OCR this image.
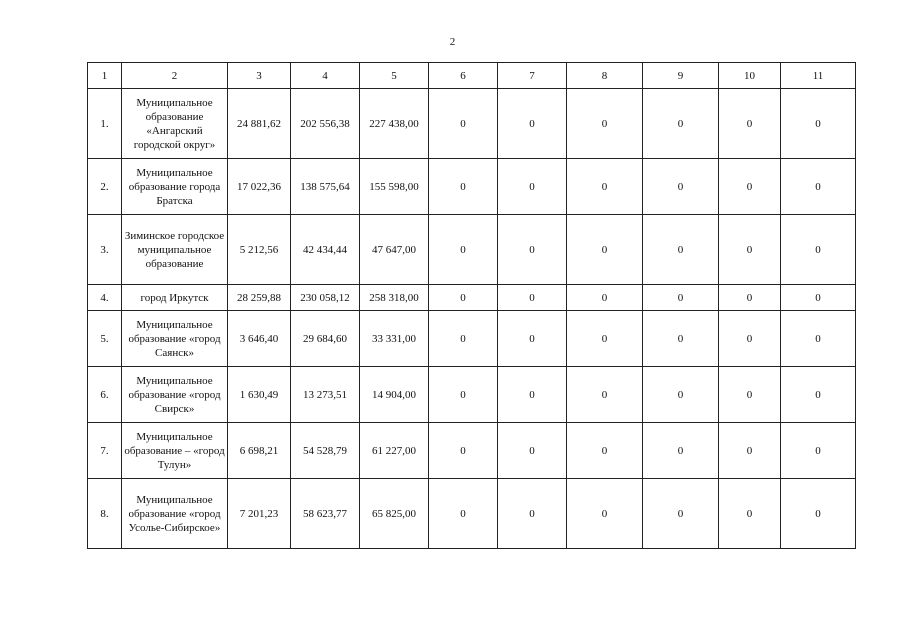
2
1	2	3	4	5	6	7	8	9	10	11
1.	Муниципальное образование «Ангарский городской округ»	24 881,62	202 556,38	227 438,00	0	0	0	0	0	0
2.	Муниципальное образование города Братска	17 022,36	138 575,64	155 598,00	0	0	0	0	0	0
3.	Зиминское городское муниципальное образование	5 212,56	42 434,44	47 647,00	0	0	0	0	0	0
4.	город Иркутск	28 259,88	230 058,12	258 318,00	0	0	0	0	0	0
5.	Муниципальное образование «город Саянск»	3 646,40	29 684,60	33 331,00	0	0	0	0	0	0
6.	Муниципальное образование «город Свирск»	1 630,49	13 273,51	14 904,00	0	0	0	0	0	0
7.	Муниципальное образование – «город Тулун»	6 698,21	54 528,79	61 227,00	0	0	0	0	0	0
8.	Муниципальное образование «город Усолье-Сибирское»	7 201,23	58 623,77	65 825,00	0	0	0	0	0	0
